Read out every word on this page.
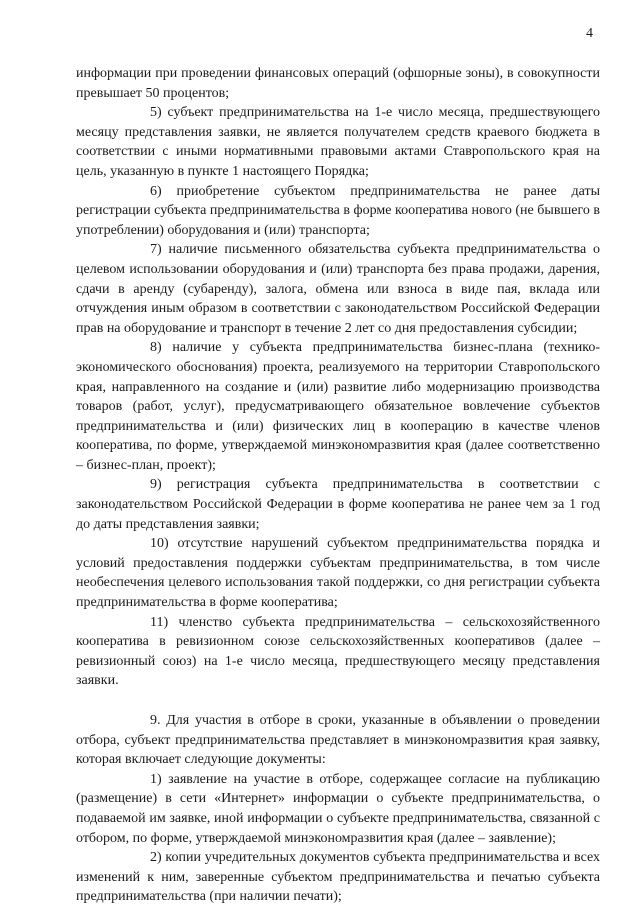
4

информации при проведении финансовых операций (офшорные зоны), в совокупности превышает 50 процентов;

5) субъект предпринимательства на 1-е число месяца, предшествующего месяцу представления заявки, не является получателем средств краевого бюджета в соответствии с иными нормативными правовыми актами Ставропольского края на цель, указанную в пункте 1 настоящего Порядка;

6) приобретение субъектом предпринимательства не ранее даты регистрации субъекта предпринимательства в форме кооператива нового (не бывшего в употреблении) оборудования и (или) транспорта;

7) наличие письменного обязательства субъекта предпринимательства о целевом использовании оборудования и (или) транспорта без права продажи, дарения, сдачи в аренду (субаренду), залога, обмена или взноса в виде пая, вклада или отчуждения иным образом в соответствии с законодательством Российской Федерации прав на оборудование и транспорт в течение 2 лет со дня предоставления субсидии;

8) наличие у субъекта предпринимательства бизнес-плана (технико-экономического обоснования) проекта, реализуемого на территории Ставропольского края, направленного на создание и (или) развитие либо модернизацию производства товаров (работ, услуг), предусматривающего обязательное вовлечение субъектов предпринимательства и (или) физических лиц в кооперацию в качестве членов кооператива, по форме, утверждаемой минэкономразвития края (далее соответственно – бизнес-план, проект);

9) регистрация субъекта предпринимательства в соответствии с законодательством Российской Федерации в форме кооператива не ранее чем за 1 год до даты представления заявки;

10) отсутствие нарушений субъектом предпринимательства порядка и условий предоставления поддержки субъектам предпринимательства, в том числе необеспечения целевого использования такой поддержки, со дня регистрации субъекта предпринимательства в форме кооператива;

11) членство субъекта предпринимательства – сельскохозяйственного кооператива в ревизионном союзе сельскохозяйственных кооперативов (далее – ревизионный союз) на 1-е число месяца, предшествующего месяцу представления заявки.

9. Для участия в отборе в сроки, указанные в объявлении о проведении отбора, субъект предпринимательства представляет в минэкономразвития края заявку, которая включает следующие документы:

1) заявление на участие в отборе, содержащее согласие на публикацию (размещение) в сети «Интернет» информации о субъекте предпринимательства, о подаваемой им заявке, иной информации о субъекте предпринимательства, связанной с отбором, по форме, утверждаемой минэкономразвития края (далее – заявление);

2) копии учредительных документов субъекта предпринимательства и всех изменений к ним, заверенные субъектом предпринимательства и печатью субъекта предпринимательства (при наличии печати);
